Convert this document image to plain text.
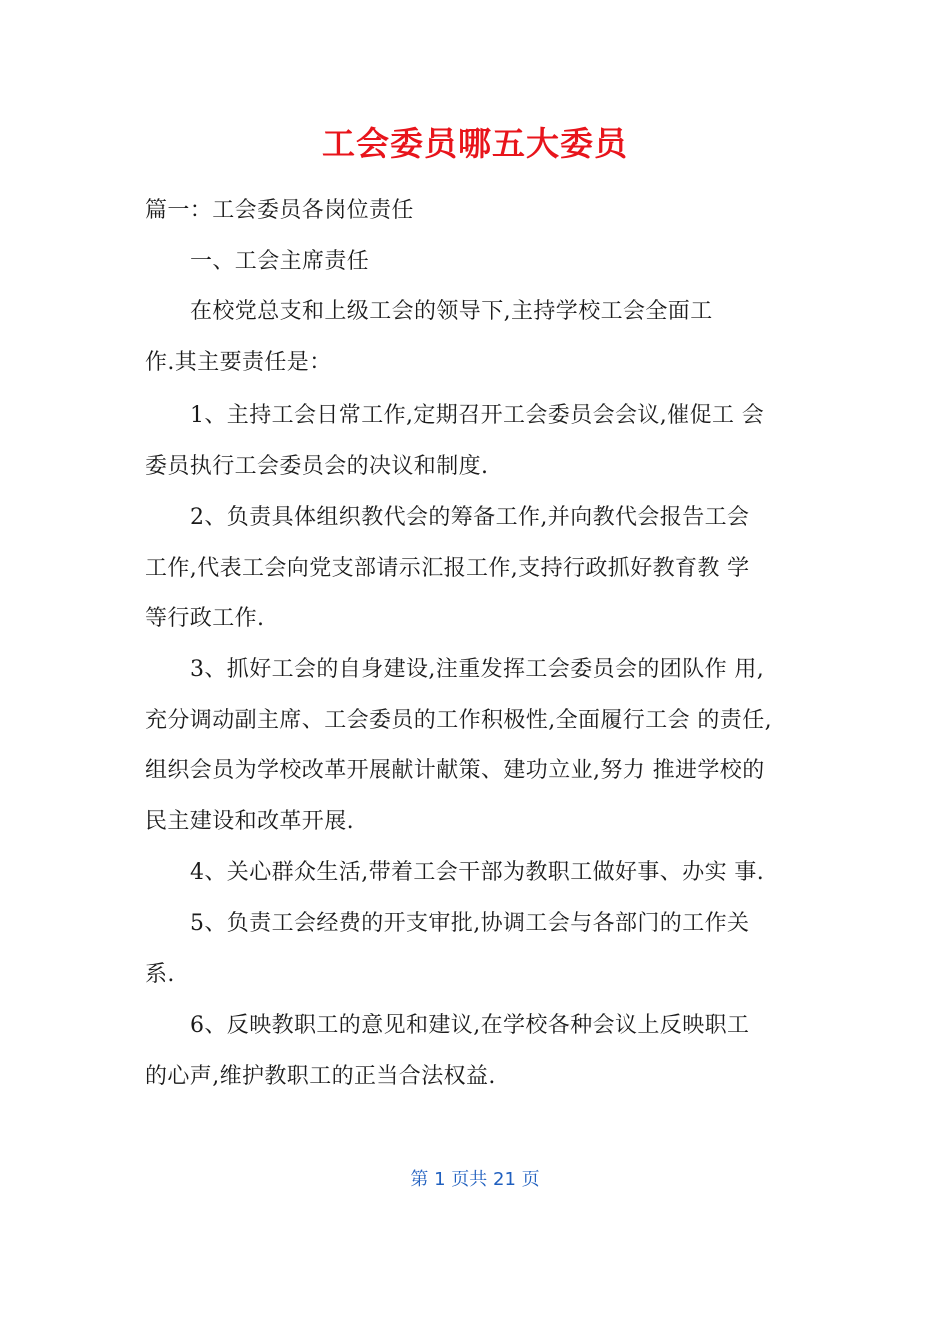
工会委员哪五大委员
篇一：工会委员各岗位责任
一、工会主席责任
在校党总支和上级工会的领导下,主持学校工会全面工
作.其主要责任是：
1、主持工会日常工作,定期召开工会委员会会议,催促工 会
委员执行工会委员会的决议和制度.
2、负责具体组织教代会的筹备工作,并向教代会报告工会
工作,代表工会向党支部请示汇报工作,支持行政抓好教育教 学
等行政工作.
3、抓好工会的自身建设,注重发挥工会委员会的团队作 用,
充分调动副主席、工会委员的工作积极性,全面履行工会 的责任,
组织会员为学校改革开展献计献策、建功立业,努力 推进学校的
民主建设和改革开展.
4、关心群众生活,带着工会干部为教职工做好事、办实 事.
5、负责工会经费的开支审批,协调工会与各部门的工作关
系.
6、反映教职工的意见和建议,在学校各种会议上反映职工
的心声,维护教职工的正当合法权益.
第 1 页共 21 页
